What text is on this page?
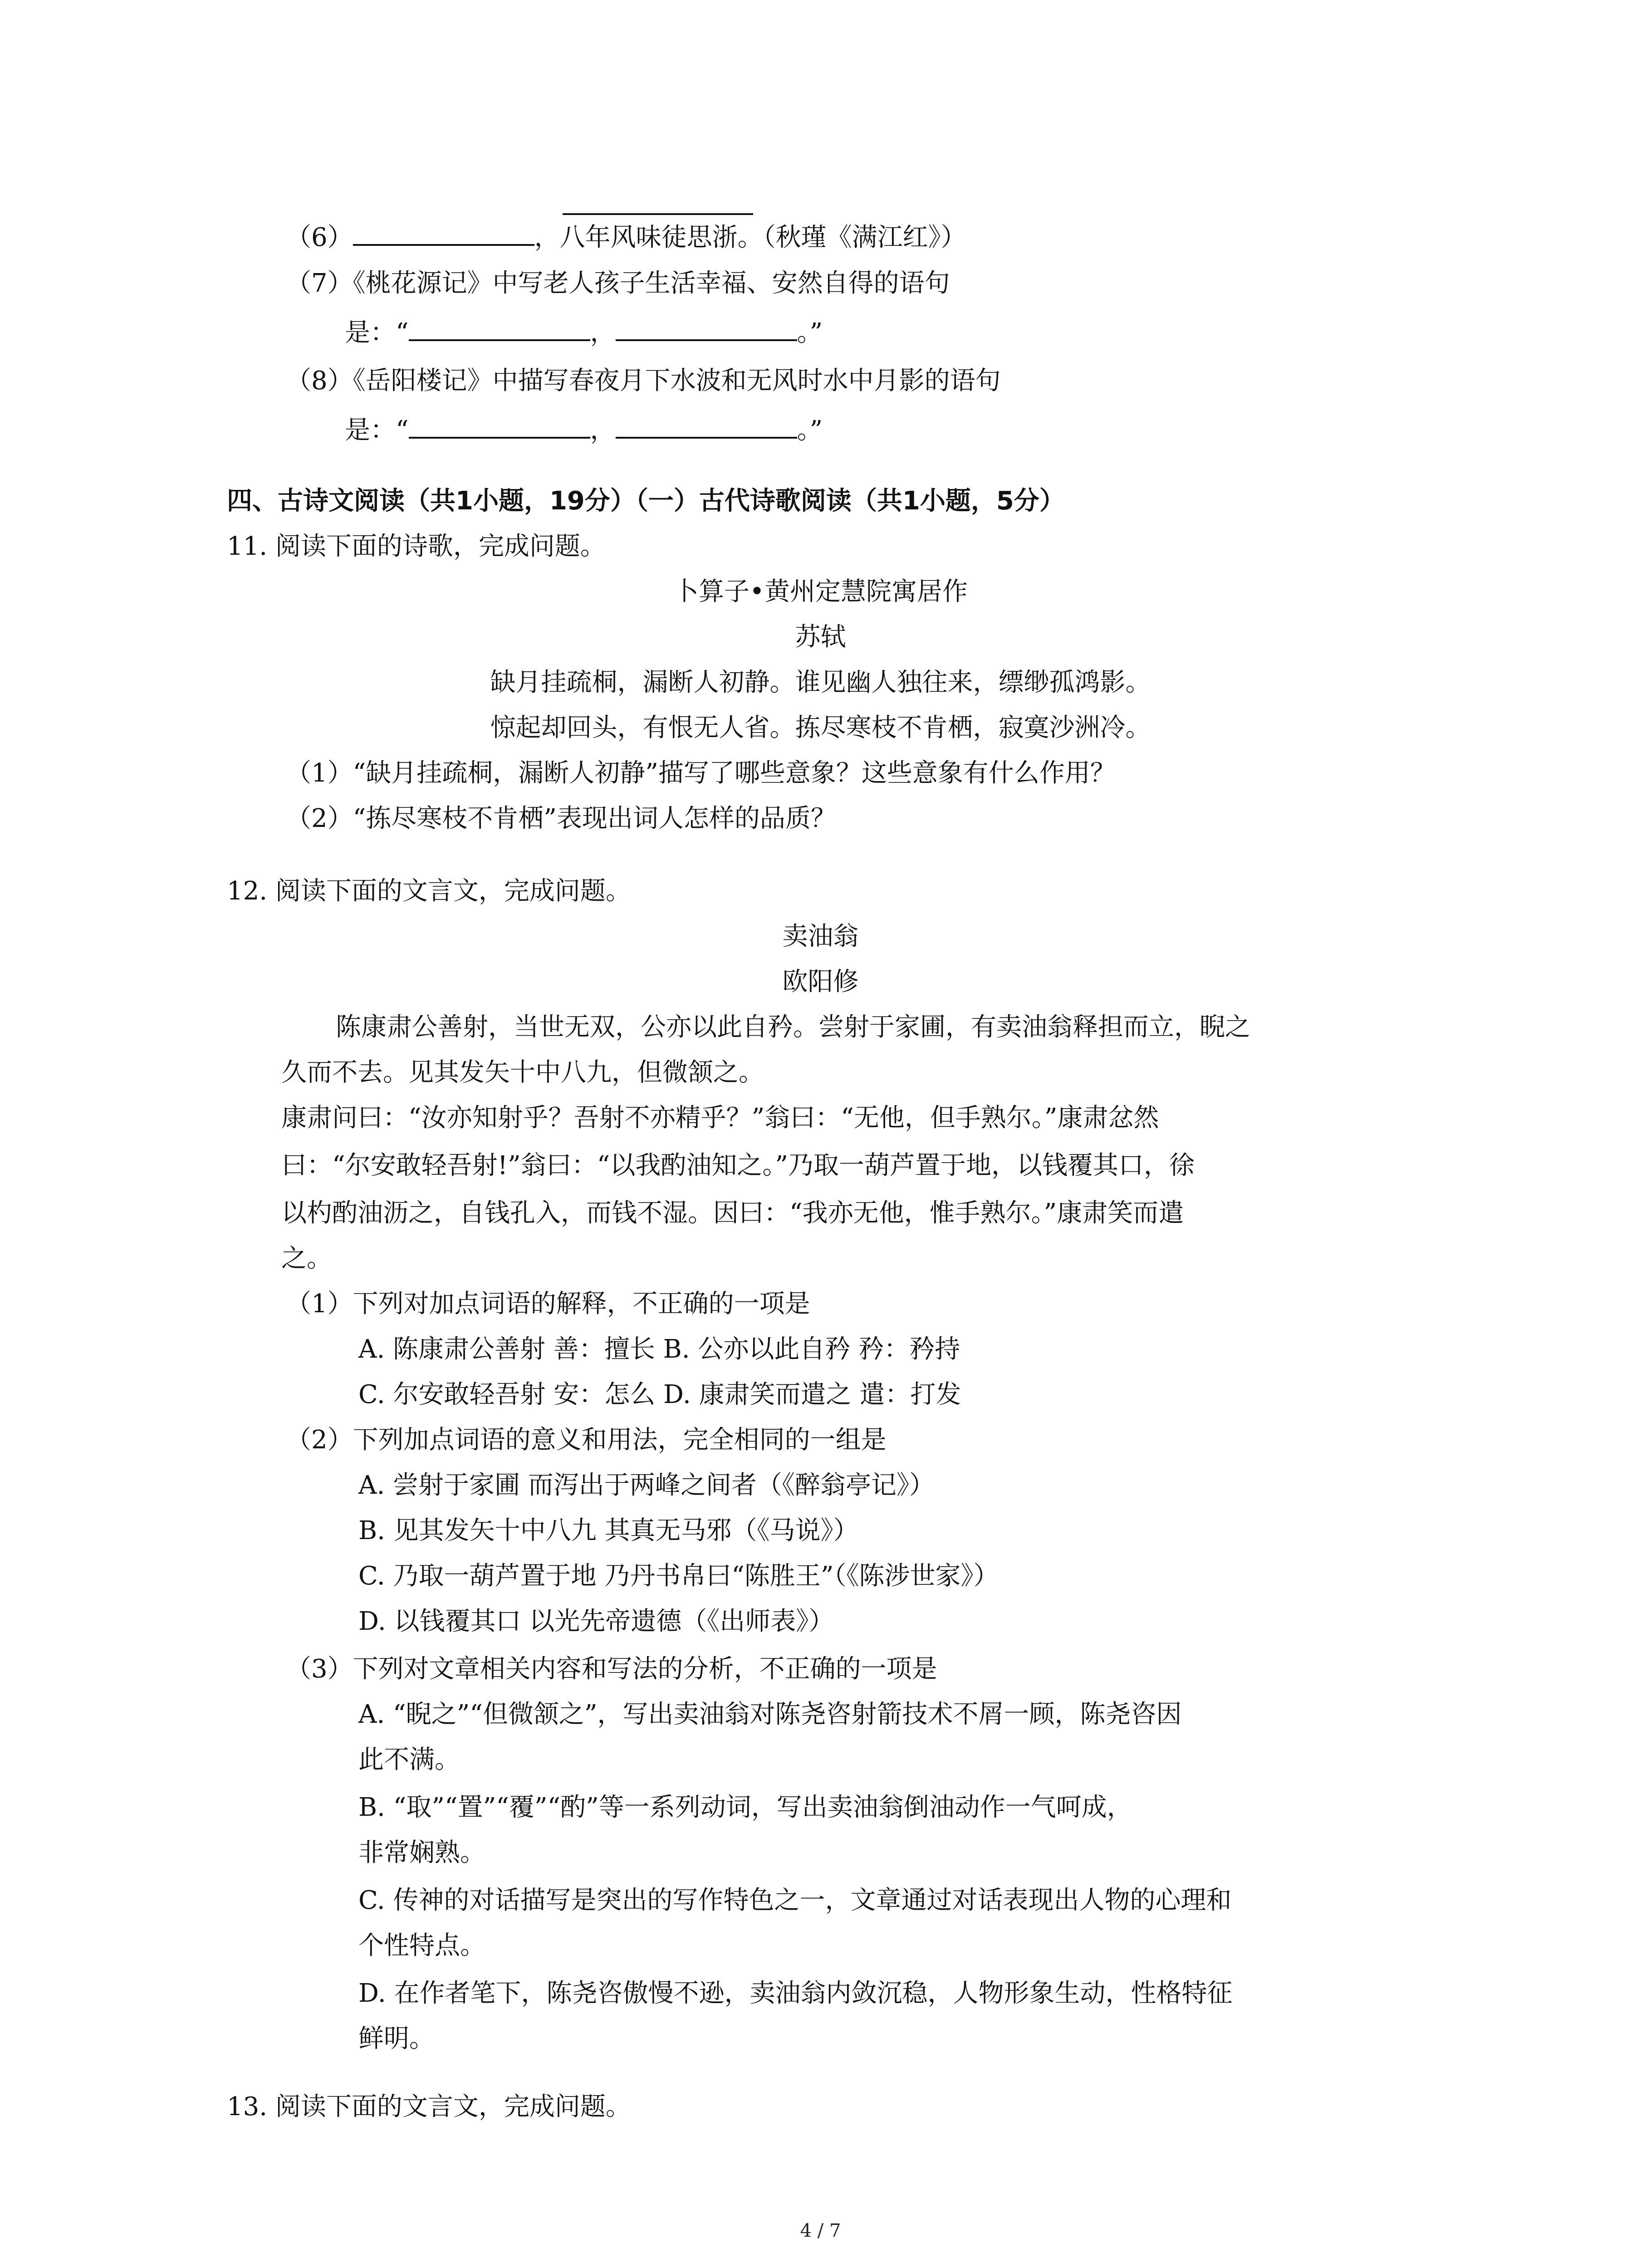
（6）	，八年风味徒思浙。（秋瑾《满江红》）
（7）《桃花源记》中写老人孩子生活幸福、安然自得的语句
是：“	，	。”
（8）《岳阳楼记》中描写春夜月下水波和无风时水中月影的语句
是：“	，	。”
四、古诗文阅读（共1小题，19分）（一）古代诗歌阅读（共1小题，5分）
11. 阅读下面的诗歌，完成问题。
卜算子•黄州定慧院寓居作
苏轼
缺月挂疏桐，漏断人初静。谁见幽人独往来，缥缈孤鸿影。
惊起却回头，有恨无人省。拣尽寒枝不肯栖，寂寞沙洲冷。
（1）“缺月挂疏桐，漏断人初静”描写了哪些意象？这些意象有什么作用？
（2）“拣尽寒枝不肯栖”表现出词人怎样的品质？
12. 阅读下面的文言文，完成问题。
卖油翁
欧阳修
陈康肃公善射，当世无双，公亦以此自矜。尝射于家圃，有卖油翁释担而立，睨之
久而不去。见其发矢十中八九，但微颔之。
康肃问曰：“汝亦知射乎？吾射不亦精乎？”翁曰：“无他，但手熟尔。”康肃忿然
曰：“尔安敢轻吾射!”翁曰：“以我酌油知之。”乃取一葫芦置于地，以钱覆其口，徐
以杓酌油沥之，自钱孔入，而钱不湿。因曰：“我亦无他，惟手熟尔。”康肃笑而遣
之。
（1）下列对加点词语的解释，不正确的一项是
A. 陈康肃公善射 善：擅长 B. 公亦以此自矜 矜：矜持
C. 尔安敢轻吾射 安：怎么 D. 康肃笑而遣之 遣：打发
（2）下列加点词语的意义和用法，完全相同的一组是
A. 尝射于家圃 而泻出于两峰之间者（《醉翁亭记》）
B. 见其发矢十中八九 其真无马邪（《马说》）
C. 乃取一葫芦置于地 乃丹书帛曰“陈胜王”（《陈涉世家》）
D. 以钱覆其口 以光先帝遗德（《出师表》）
（3）下列对文章相关内容和写法的分析，不正确的一项是
A. “睨之”“但微颔之”，写出卖油翁对陈尧咨射箭技术不屑一顾，陈尧咨因
此不满。
B. “取”“置”“覆”“酌”等一系列动词，写出卖油翁倒油动作一气呵成，
非常娴熟。
C. 传神的对话描写是突出的写作特色之一，文章通过对话表现出人物的心理和
个性特点。
D. 在作者笔下，陈尧咨傲慢不逊，卖油翁内敛沉稳，人物形象生动，性格特征
鲜明。
13. 阅读下面的文言文，完成问题。
4 / 7
